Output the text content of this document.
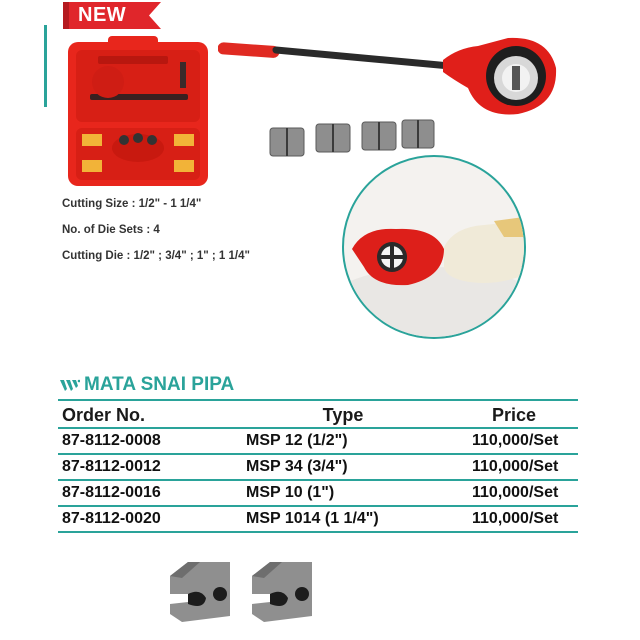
NEW
Cutting Size : 1/2" - 1 1/4"
No. of Die Sets : 4
Cutting Die : 1/2" ; 3/4" ; 1" ; 1 1/4"
MATA SNAI PIPA
Order No.	Type	Price
87-8112-0008	MSP 12 (1/2")	110,000/Set
87-8112-0012	MSP 34 (3/4")	110,000/Set
87-8112-0016	MSP 10 (1")	110,000/Set
87-8112-0020	MSP 1014 (1 1/4")	110,000/Set
